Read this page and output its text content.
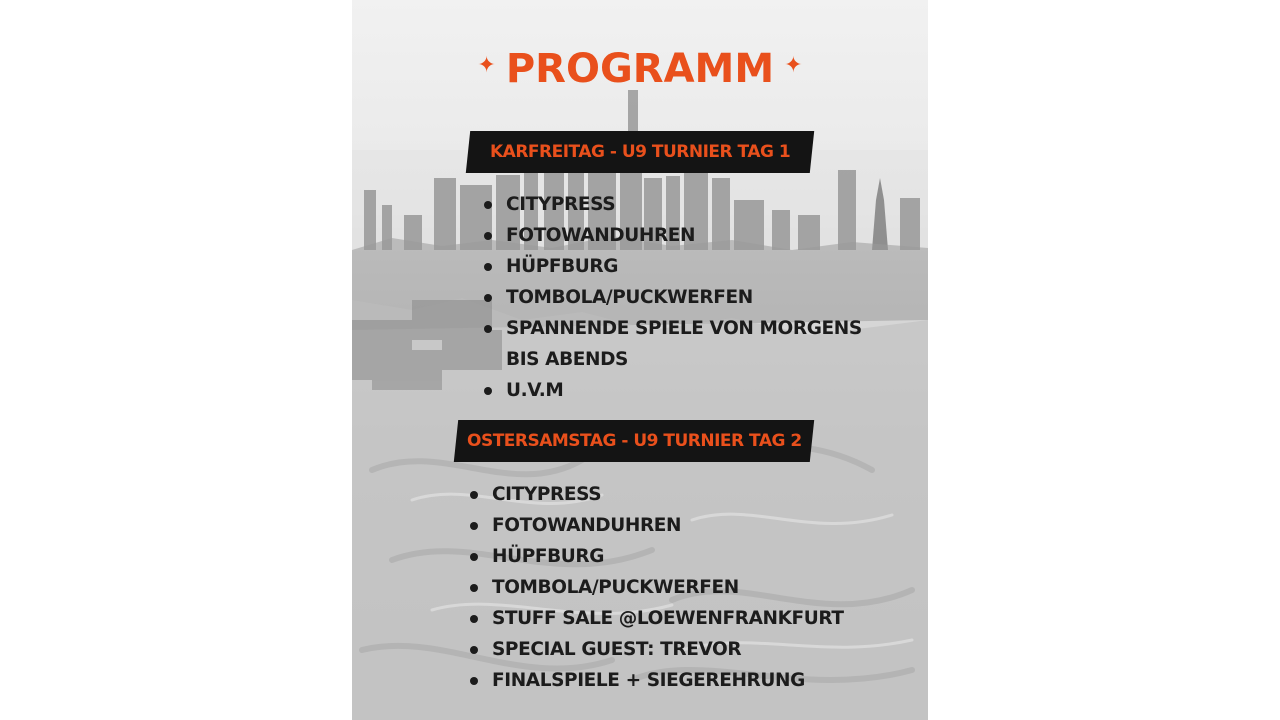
✦ PROGRAMM ✦
KARFREITAG - U9 TURNIER TAG 1
CITYPRESS
FOTOWANDUHREN
HÜPFBURG
TOMBOLA/PUCKWERFEN
SPANNENDE SPIELE VON MORGENS BIS ABENDS
U.V.M
OSTERSAMSTAG - U9 TURNIER TAG 2
CITYPRESS
FOTOWANDUHREN
HÜPFBURG
TOMBOLA/PUCKWERFEN
STUFF SALE @LOEWENFRANKFURT
SPECIAL GUEST: TREVOR
FINALSPIELE + SIEGEREHRUNG
